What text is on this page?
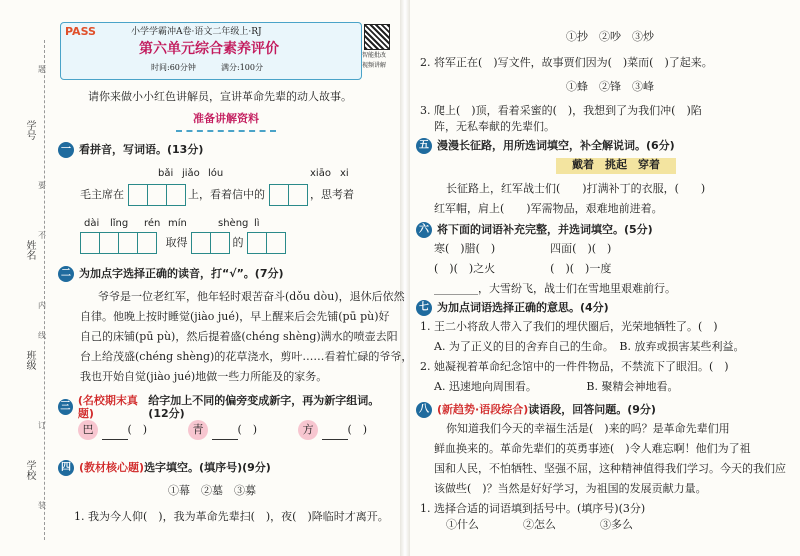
学号
姓名
班级
学校
题
要
不
内
线
订
装
PASS	小学学霸冲A卷·语文二年级上·RJ
第六单元综合素养评价
时间:60分钟	满分:100分
智能批改
视频讲解
请你来做小小红色讲解员，宣讲革命先辈的动人故事。
准备讲解资料
一 看拼音，写词语。(13分)
bǎi jiǎo lóu	xiāo xi
毛主席在	上，看着信中的	，思考着
dài lǐng rén mín	shèng lì
取得	的
二 为加点字选择正确的读音，打“√”。(7分)
爷爷是一位老红军，他年轻时艰苦奋斗(dǒu dòu)，退休后依然
自律。他晚上按时睡觉(jiào jué)，早上醒来后会先铺(pū pù)好
自己的床铺(pū pù)，然后提着盛(chéng shèng)满水的喷壶去阳
台上给茂盛(chéng shèng)的花草浇水，剪叶……看着忙碌的爷爷，
我也开始自觉(jiào jué)地做一些力所能及的家务。
三 (名校期末真题)
给字加上不同的偏旁变成新字，再为新字组词。(12分)
巴	(　)	青	(　)	方	(　)
四 (教材核心题) 选字填空。(填序号)(9分)
①幕　②墓　③募
1. 我为今人仰(　)，我为革命先辈扫(　)，夜(　)降临时才离开。
①抄　②吵　③炒
2. 将军正在(　)写文件，故事贾们因为(　)菜而(　)了起来。
①蜂　②锋　③峰
3. 爬上(　)顶，看着采蜜的(　)，我想到了为我们冲(　)陷
阵，无私奉献的先辈们。
五 漫漫长征路，用所选词填空，补全解说词。(6分)
戴着　挑起　穿着
长征路上，红军战士们(　　)打满补丁的衣服，(　　)
红军帽，肩上(　　)军需物品，艰难地前进着。
六 将下面的词语补充完整，并选词填空。(5分)
寒(　)腊(　)　　　　　四面(　)(　)
(　)(　)之火　　　　　(　)(　)一度
________，大雪纷飞，战士们在雪地里艰难前行。
七 为加点词语选择正确的意思。(4分)
1. 王二小将敌人带入了我们的埋伏圈后，光荣地牺牲了。(　)
A. 为了正义的目的舍弃自己的生命。　B. 放弃或损害某些利益。
2. 她凝视着革命纪念馆中的一件件物品，不禁流下了眼泪。(　)
A. 迅速地向周围看。　　　　　B. 聚精会神地看。
八 (新趋势·语段综合) 读语段，回答问题。(9分)
你知道我们今天的幸福生活是(　)来的吗？是革命先辈们用
鲜血换来的。革命先辈们的英勇事迹(　)令人难忘啊！他们为了祖
国和人民，不怕牺牲、坚强不屈，这种精神值得我们学习。今天的我们应
该做些(　)？当然是好好学习，为祖国的发展贡献力量。
1. 选择合适的词语填到括号中。(填序号)(3分)
①什么　　　　②怎么　　　　③多么
